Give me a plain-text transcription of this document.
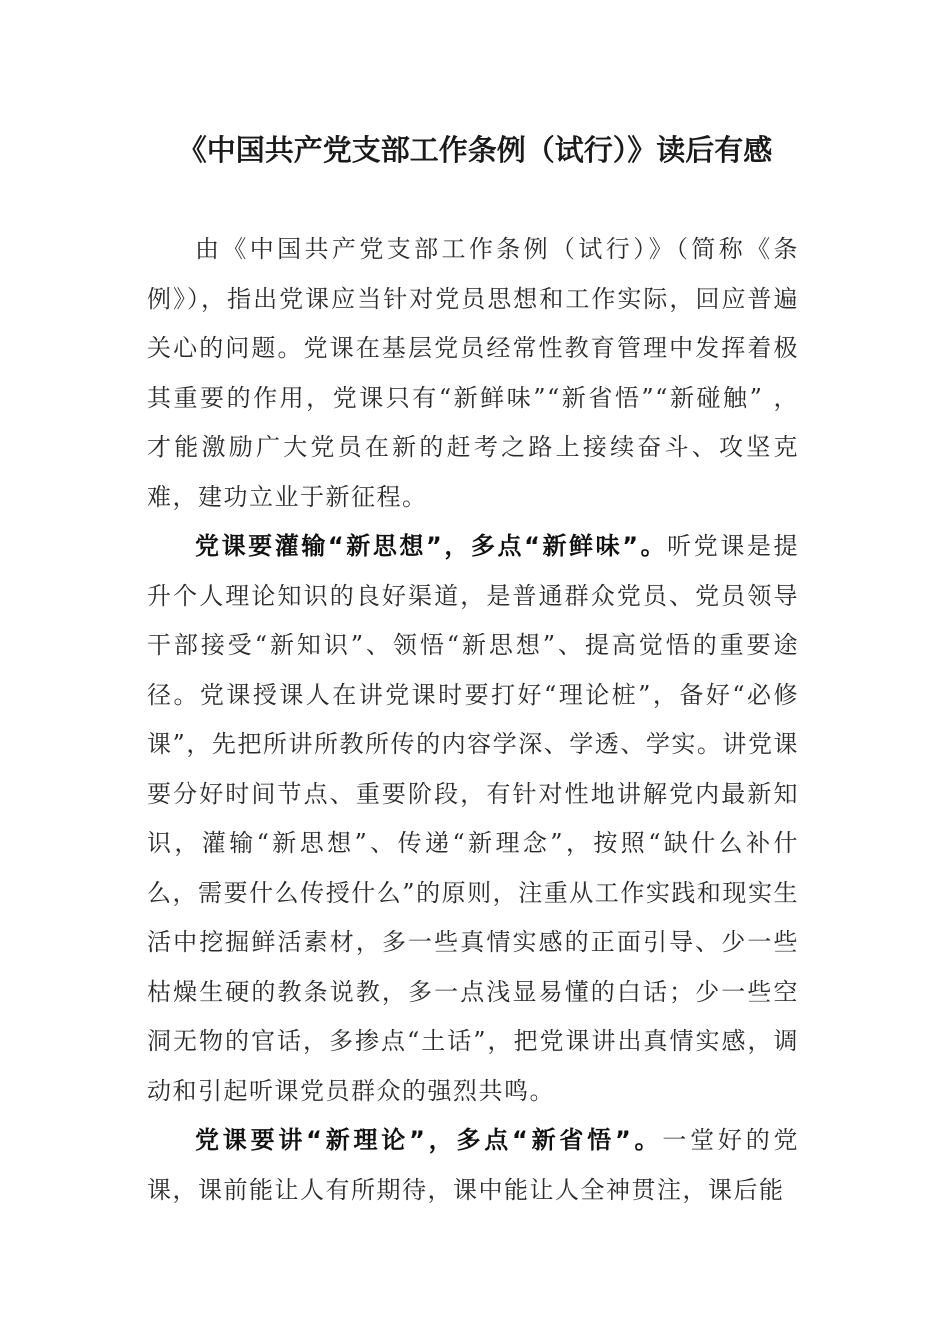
《中国共产党支部工作条例（试行）》读后有感

由《中国共产党支部工作条例（试行）》（简称《条例》），指出党课应当针对党员思想和工作实际，回应普遍关心的问题。党课在基层党员经常性教育管理中发挥着极其重要的作用，党课只有“新鲜味”“新省悟”“新碰触” ，才能激励广大党员在新的赶考之路上接续奋斗、攻坚克难，建功立业于新征程。

党课要灌输“新思想”，多点“新鲜味”。听党课是提升个人理论知识的良好渠道，是普通群众党员、党员领导干部接受“新知识”、领悟“新思想”、提高觉悟的重要途径。党课授课人在讲党课时要打好“理论桩”，备好“必修课”，先把所讲所教所传的内容学深、学透、学实。讲党课要分好时间节点、重要阶段，有针对性地讲解党内最新知识，灌输“新思想”、传递“新理念”，按照“缺什么补什么，需要什么传授什么”的原则，注重从工作实践和现实生活中挖掘鲜活素材，多一些真情实感的正面引导、少一些枯燥生硬的教条说教，多一点浅显易懂的白话；少一些空洞无物的官话，多掺点“土话”，把党课讲出真情实感，调动和引起听课党员群众的强烈共鸣。

党课要讲“新理论”，多点“新省悟”。一堂好的党课，课前能让人有所期待，课中能让人全神贯注，课后能
